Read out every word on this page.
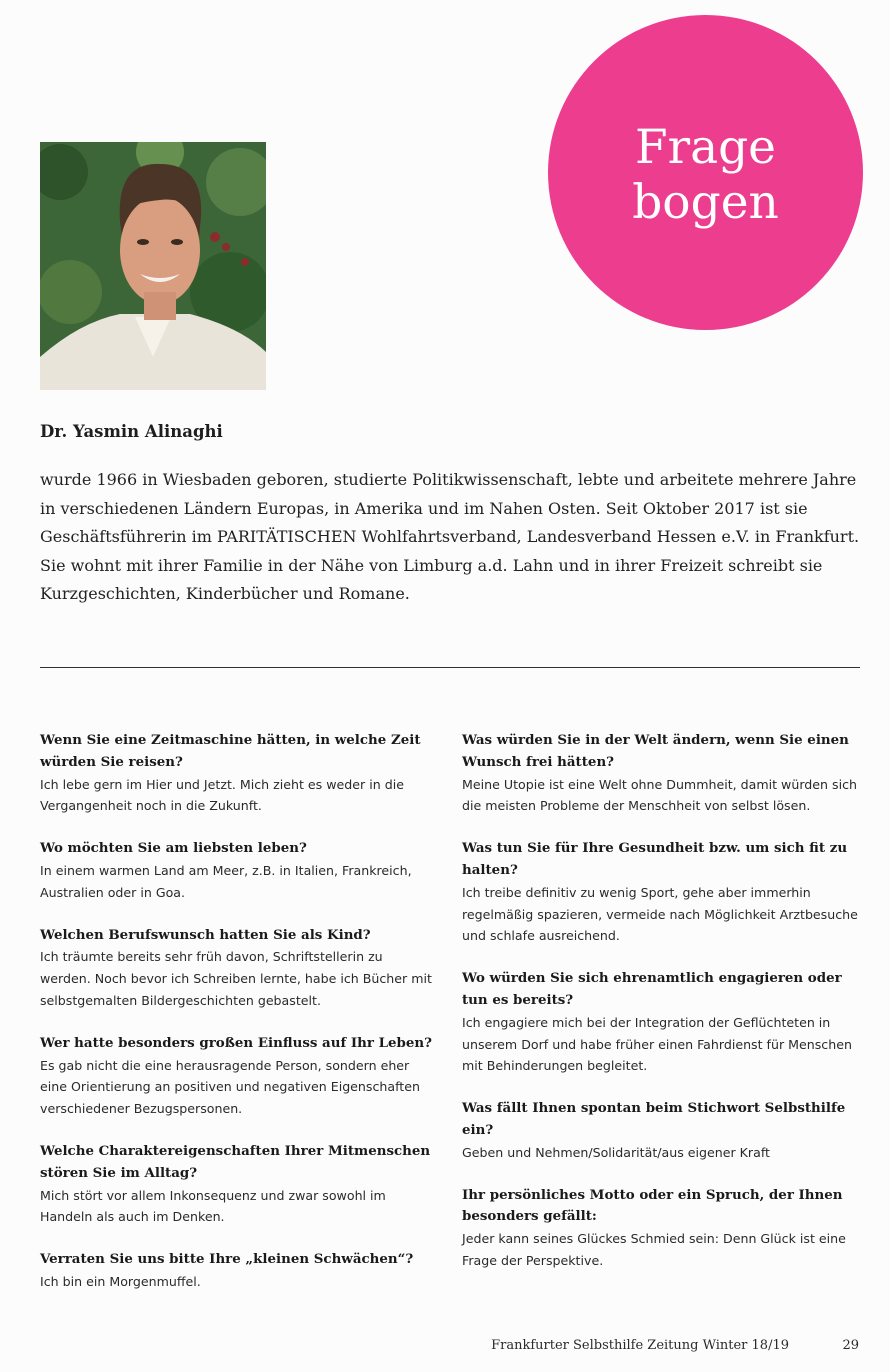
Frage
bogen
Dr. Yasmin Alinaghi

wurde 1966 in Wiesbaden geboren, studierte Politikwissenschaft, lebte und arbeitete mehrere Jahre in verschiedenen Ländern Europas, in Amerika und im Nahen Osten. Seit Oktober 2017 ist sie Geschäftsführerin im PARITÄTISCHEN Wohlfahrtsverband, Landesverband Hessen e.V. in Frankfurt. Sie wohnt mit ihrer Familie in der Nähe von Limburg a.d. Lahn und in ihrer Freizeit schreibt sie Kurzgeschichten, Kinderbücher und Romane.

Wenn Sie eine Zeitmaschine hätten, in welche Zeit würden Sie reisen?

Ich lebe gern im Hier und Jetzt. Mich zieht es weder in die Vergangenheit noch in die Zukunft.

Wo möchten Sie am liebsten leben?

In einem warmen Land am Meer, z.B. in Italien, Frankreich, Australien oder in Goa.

Welchen Berufswunsch hatten Sie als Kind?

Ich träumte bereits sehr früh davon, Schriftstellerin zu werden. Noch bevor ich Schreiben lernte, habe ich Bücher mit selbstgemalten Bildergeschichten gebastelt.

Wer hatte besonders großen Einfluss auf Ihr Leben?

Es gab nicht die eine herausragende Person, sondern eher eine Orientierung an positiven und negativen Eigenschaften verschiedener Bezugspersonen.

Welche Charaktereigenschaften Ihrer Mitmenschen stören Sie im Alltag?

Mich stört vor allem Inkonsequenz und zwar sowohl im Handeln als auch im Denken.

Verraten Sie uns bitte Ihre „kleinen Schwächen“?

Ich bin ein Morgenmuffel.

Was würden Sie in der Welt ändern, wenn Sie einen Wunsch frei hätten?

Meine Utopie ist eine Welt ohne Dummheit, damit würden sich die meisten Probleme der Menschheit von selbst lösen.

Was tun Sie für Ihre Gesundheit bzw. um sich fit zu halten?

Ich treibe definitiv zu wenig Sport, gehe aber immerhin regelmäßig spazieren, vermeide nach Möglichkeit Arztbesuche und schlafe ausreichend.

Wo würden Sie sich ehrenamtlich engagieren oder tun es bereits?

Ich engagiere mich bei der Integration der Geflüchteten in unserem Dorf und habe früher einen Fahrdienst für Menschen mit Behinderungen begleitet.

Was fällt Ihnen spontan beim Stichwort Selbsthilfe ein?

Geben und Nehmen/Solidarität/aus eigener Kraft

Ihr persönliches Motto oder ein Spruch, der Ihnen besonders gefällt:

Jeder kann seines Glückes Schmied sein: Denn Glück ist eine Frage der Perspektive.

Frankfurter Selbsthilfe Zeitung Winter 18/19	29
